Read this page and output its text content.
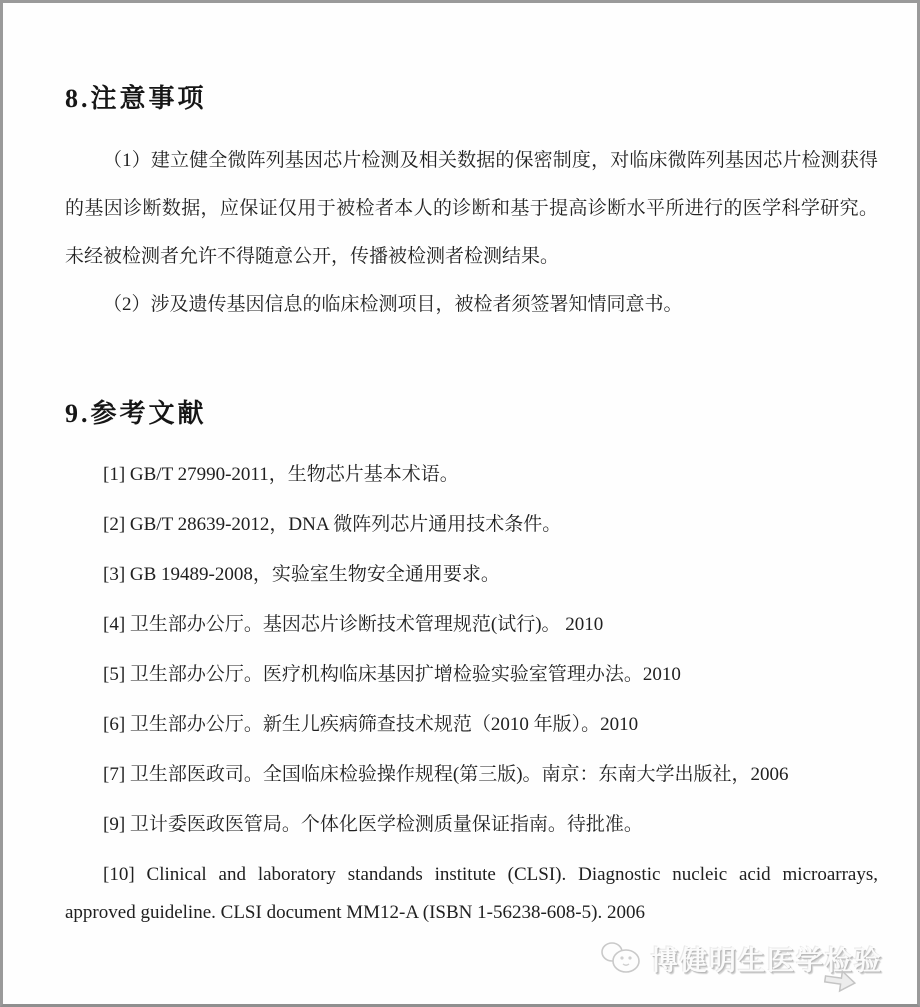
8.注意事项

（1）建立健全微阵列基因芯片检测及相关数据的保密制度，对临床微阵列基因芯片检测获得的基因诊断数据，应保证仅用于被检者本人的诊断和基于提高诊断水平所进行的医学科学研究。未经被检测者允许不得随意公开，传播被检测者检测结果。

（2）涉及遗传基因信息的临床检测项目，被检者须签署知情同意书。

9.参考文献

[1] GB/T 27990-2011，生物芯片基本术语。

[2] GB/T 28639-2012，DNA 微阵列芯片通用技术条件。

[3] GB 19489-2008，实验室生物安全通用要求。

[4] 卫生部办公厅。基因芯片诊断技术管理规范(试行)。 2010

[5] 卫生部办公厅。医疗机构临床基因扩增检验实验室管理办法。2010

[6] 卫生部办公厅。新生儿疾病筛查技术规范（2010 年版）。2010

[7] 卫生部医政司。全国临床检验操作规程(第三版)。南京：东南大学出版社，2006

[9] 卫计委医政医管局。个体化医学检测质量保证指南。待批准。

[10] Clinical and laboratory standands institute (CLSI). Diagnostic nucleic acid microarrays, approved guideline. CLSI document MM12-A (ISBN 1-56238-608-5). 2006

博健明生医学检验
